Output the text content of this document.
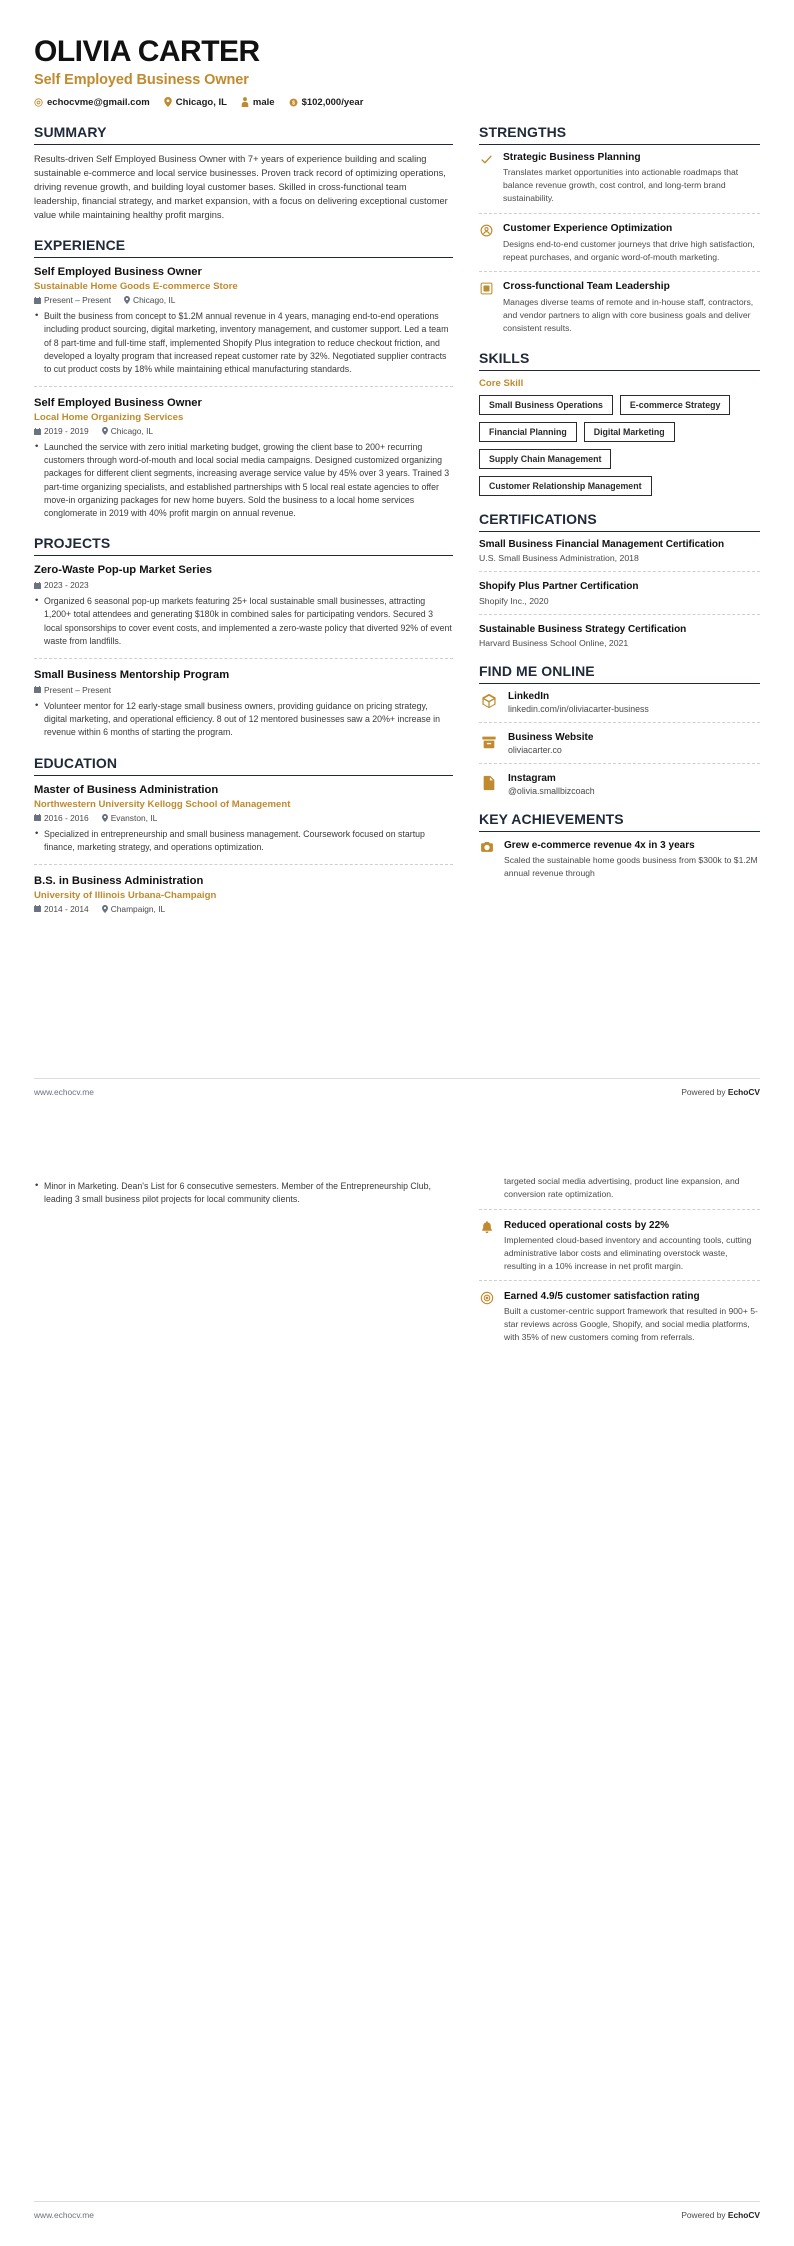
OLIVIA CARTER
Self Employed Business Owner
echocvme@gmail.com	Chicago, IL	male $ $102,000/year
SUMMARY
Results-driven Self Employed Business Owner with 7+ years of experience building and scaling sustainable e-commerce and local service businesses. Proven track record of optimizing operations, driving revenue growth, and building loyal customer bases. Skilled in cross-functional team leadership, financial strategy, and market expansion, with a focus on delivering exceptional customer value while maintaining healthy profit margins.
EXPERIENCE
Self Employed Business Owner
Sustainable Home Goods E-commerce Store
Present – Present	Chicago, IL
• Built the business from concept to $1.2M annual revenue in 4 years, managing end-to-end operations including product sourcing, digital marketing, inventory management, and customer support. Led a team of 8 part-time and full-time staff, implemented Shopify Plus integration to reduce checkout friction, and developed a loyalty program that increased repeat customer rate by 32%. Negotiated supplier contracts to cut product costs by 18% while maintaining ethical manufacturing standards.
Self Employed Business Owner
Local Home Organizing Services
2019 - 2019	Chicago, IL
• Launched the service with zero initial marketing budget, growing the client base to 200+ recurring customers through word-of-mouth and local social media campaigns. Designed customized organizing packages for different client segments, increasing average service value by 45% over 3 years. Trained 3 part-time organizing specialists, and established partnerships with 5 local real estate agencies to offer move-in organizing packages for new home buyers. Sold the business to a local home services conglomerate in 2019 with 40% profit margin on annual revenue.
PROJECTS
Zero-Waste Pop-up Market Series
2023 - 2023
• Organized 6 seasonal pop-up markets featuring 25+ local sustainable small businesses, attracting 1,200+ total attendees and generating $180k in combined sales for participating vendors. Secured 3 local sponsorships to cover event costs, and implemented a zero-waste policy that diverted 92% of event waste from landfills.
Small Business Mentorship Program
Present – Present
• Volunteer mentor for 12 early-stage small business owners, providing guidance on pricing strategy, digital marketing, and operational efficiency. 8 out of 12 mentored businesses saw a 20%+ increase in revenue within 6 months of starting the program.
EDUCATION
Master of Business Administration
Northwestern University Kellogg School of Management
2016 - 2016	Evanston, IL
• Specialized in entrepreneurship and small business management. Coursework focused on startup finance, marketing strategy, and operations optimization.
B.S. in Business Administration
University of Illinois Urbana-Champaign
2014 - 2014	Champaign, IL
STRENGTHS
Strategic Business Planning
Translates market opportunities into actionable roadmaps that balance revenue growth, cost control, and long-term brand sustainability.
Customer Experience Optimization
Designs end-to-end customer journeys that drive high satisfaction, repeat purchases, and organic word-of-mouth marketing.
Cross-functional Team Leadership
Manages diverse teams of remote and in-house staff, contractors, and vendor partners to align with core business goals and deliver consistent results.
SKILLS
Core Skill
Small Business Operations	E-commerce Strategy
Financial Planning	Digital Marketing
Supply Chain Management
Customer Relationship Management
CERTIFICATIONS
Small Business Financial Management Certification
U.S. Small Business Administration, 2018
Shopify Plus Partner Certification
Shopify Inc., 2020
Sustainable Business Strategy Certification
Harvard Business School Online, 2021
FIND ME ONLINE
LinkedIn
linkedin.com/in/oliviacarter-business
Business Website
oliviacarter.co
Instagram
@olivia.smallbizcoach
KEY ACHIEVEMENTS
Grew e-commerce revenue 4x in 3 years
Scaled the sustainable home goods business from $300k to $1.2M annual revenue through
www.echocv.me	Powered by EchoCV
• Minor in Marketing. Dean's List for 6 consecutive semesters. Member of the Entrepreneurship Club, leading 3 small business pilot projects for local community clients.
targeted social media advertising, product line expansion, and conversion rate optimization.
Reduced operational costs by 22%
Implemented cloud-based inventory and accounting tools, cutting administrative labor costs and eliminating overstock waste, resulting in a 10% increase in net profit margin.
Earned 4.9/5 customer satisfaction rating
Built a customer-centric support framework that resulted in 900+ 5-star reviews across Google, Shopify, and social media platforms, with 35% of new customers coming from referrals.
www.echocv.me	Powered by EchoCV
